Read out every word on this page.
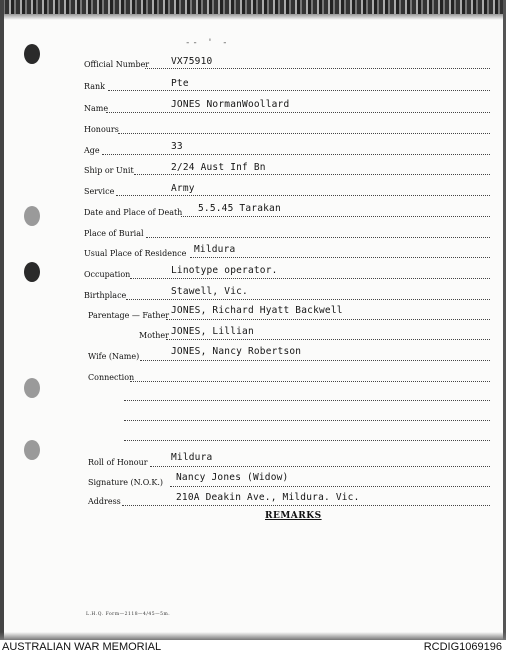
-- ' -
Official Number VX75910
Rank	Pte
Name	JONES NormanWoollard
Honours
Age	33
Ship or Unit	2/24 Aust Inf Bn
Service	Army
Date and Place of Death 5.5.45 Tarakan
Place of Burial
Usual Place of Residence Mildura
Occupation	Linotype operator.
Birthplace	Stawell, Vic.
Parentage — Father JONES, Richard Hyatt Backwell
Mother JONES, Lillian
Wife (Name)	JONES, Nancy Robertson
Connection
Roll of Honour Mildura
Signature (N.O.K.) Nancy Jones (Widow)
Address	210A Deakin Ave., Mildura. Vic.
REMARKS
L.H.Q. Form—2118—4/45—5m.
AUSTRALIAN WAR MEMORIAL	RCDIG1069196
